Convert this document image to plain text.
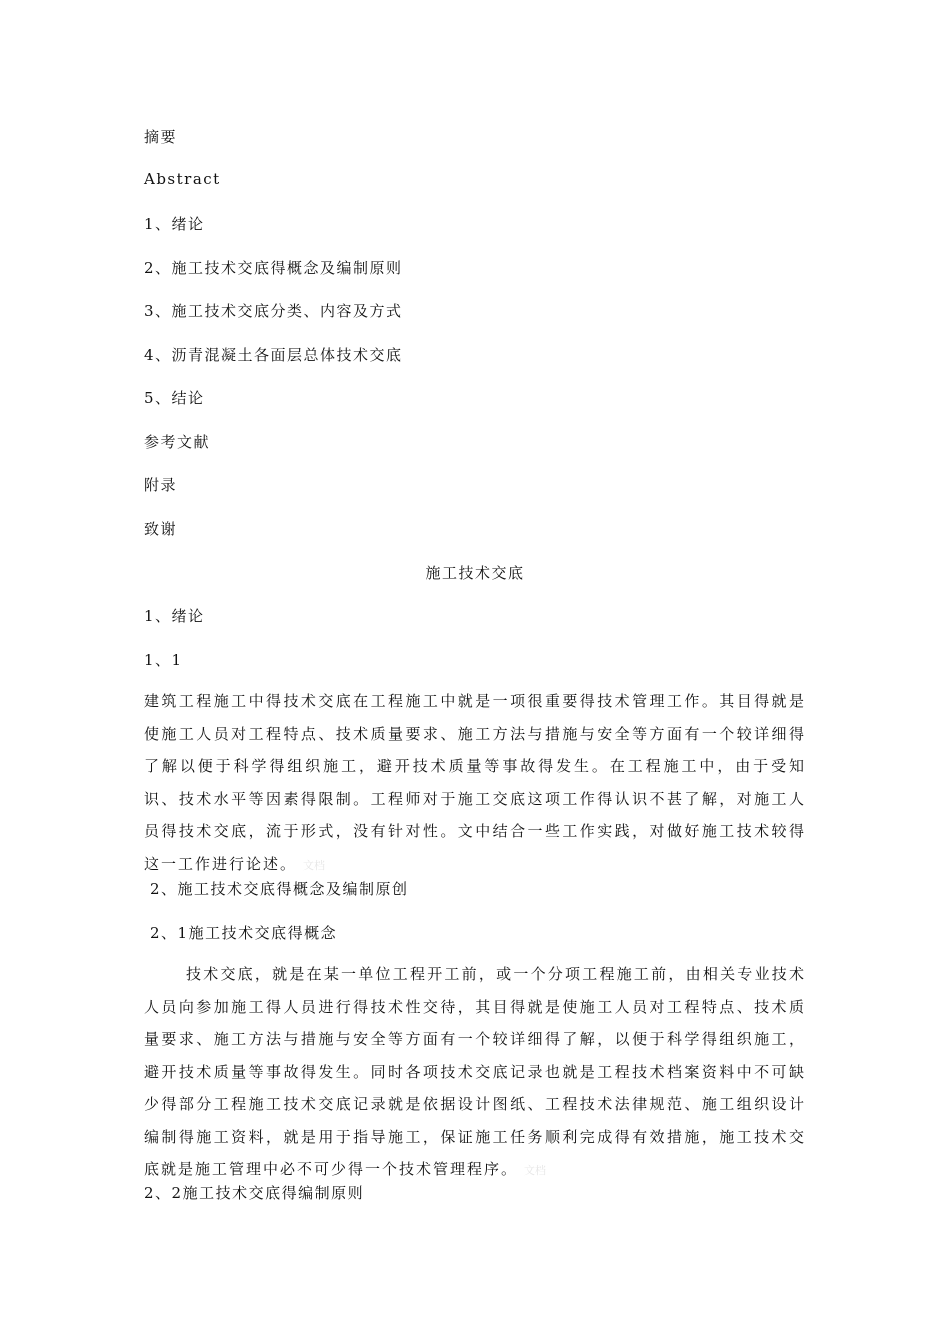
摘要
Abstract
1、绪论
2、施工技术交底得概念及编制原则
3、施工技术交底分类、内容及方式
4、沥青混凝土各面层总体技术交底
5、结论
参考文献
附录
致谢
施工技术交底
1、绪论
1、1
建筑工程施工中得技术交底在工程施工中就是一项很重要得技术管理工作。其目得就是使施工人员对工程特点、技术质量要求、施工方法与措施与安全等方面有一个较详细得了解以便于科学得组织施工，避开技术质量等事故得发生。在工程施工中，由于受知识、技术水平等因素得限制。工程师对于施工交底这项工作得认识不甚了解，对施工人员得技术交底，流于形式，没有针对性。文中结合一些工作实践，对做好施工技术较得这一工作进行论述。 文档
2、施工技术交底得概念及编制原创
2、1施工技术交底得概念
技术交底，就是在某一单位工程开工前，或一个分项工程施工前，由相关专业技术人员向参加施工得人员进行得技术性交待，其目得就是使施工人员对工程特点、技术质量要求、施工方法与措施与安全等方面有一个较详细得了解，以便于科学得组织施工，避开技术质量等事故得发生。同时各项技术交底记录也就是工程技术档案资料中不可缺少得部分工程施工技术交底记录就是依据设计图纸、工程技术法律规范、施工组织设计编制得施工资料，就是用于指导施工，保证施工任务顺利完成得有效措施，施工技术交底就是施工管理中必不可少得一个技术管理程序。 文档
2、2施工技术交底得编制原则
